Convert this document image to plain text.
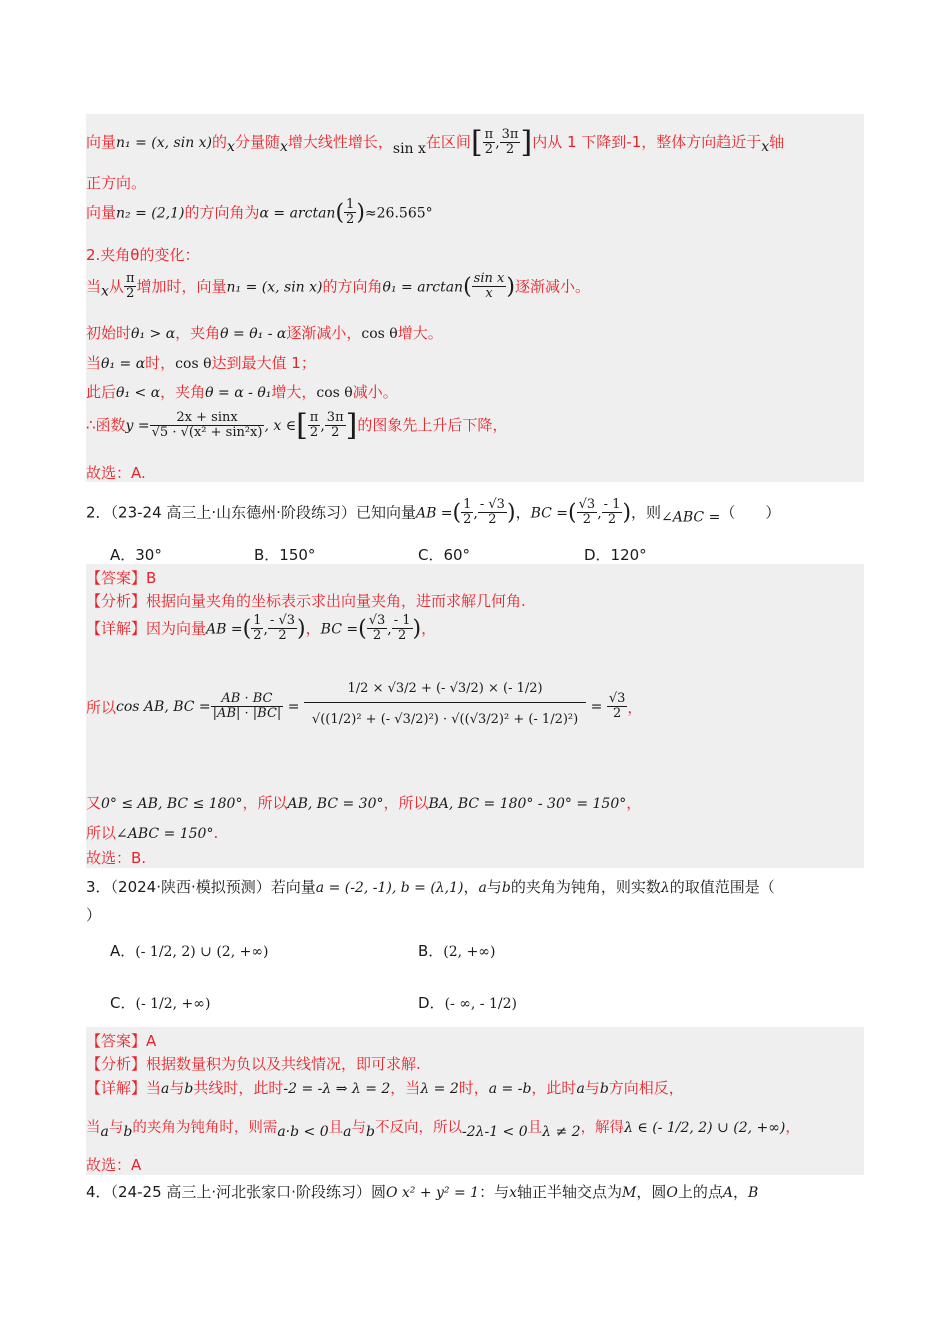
向量n₁ = (x, sin x)的$_x$分量随$_x$增大线性增长，sin x在区间[ $\frac{\pi}{2}$ , $\frac{3\pi}{2}$ ]内从 1 下降到-1，整体方向趋近于$_x$轴
正方向。
向量n₂ = (2,1)的方向角为$\alpha = \arctan( \frac{1}{2} )\approx 26.565^\circ$
2.夹角θ的变化：
当$_x$从 $\frac{\pi}{2}$ 增加时，向量n₁ = (x, sin x)的方向角$\theta_1 = \arctan( \frac{\text{sin x}}{x}$ )逐渐减小。
初始时θ₁ > α，夹角θ = θ₁ - α逐渐减小，cos θ增大。
当θ₁ = α时，cos θ达到最大值 1；
此后θ₁ < α，夹角θ = α - θ₁增大，cos θ减小。
∴函数$y = \frac{2x + \sin x}{\text{√5 · √(x² + sin²x)}}$ , x ∈[ $\frac{\pi}{2}$ , $\frac{3\pi}{2}$ ]的图象先上升后下降，
故选：A.
2．（23-24 高三上·山东德州·阶段练习）已知向量AB =( $\frac{1}{2}$ , $\frac{- √3}{2}$ )，BC =( $\frac{√3}{2}$ , $\frac{- 1}{2}$ )，则$_{\angle ABC =}$（　　）
A．30°	B．150°	C．60°	D．120°
【答案】B
【分析】根据向量夹角的坐标表示求出向量夹角，进而求解几何角.
【详解】因为向量AB =( $\frac{1}{2}$ , $\frac{- √3}{2}$ )，BC =( $\frac{√3}{2}$ , $\frac{- 1}{2}$ )，
所以cos AB, BC = $\frac{AB \cdot BC}{|AB| \cdot |BC|} = \frac{1/2 \times √3/2 + (- √3/2) \times (- 1/2)}{\text{√((1/2)² + (- √3/2)²) · √((√3/2)² + (- 1/2)²)}} = \frac{√3}{2}$ ，
又0° ≤ AB, BC ≤ 180°，所以AB, BC = 30°，所以BA, BC = 180° - 30° = 150°，
所以∠ABC = 150°.
故选：B.
3．（2024·陕西·模拟预测）若向量a = (-2, -1), b = (λ,1)，a与b的夹角为钝角，则实数λ的取值范围是（
）
A．(- 1/2, 2) ∪ (2, +∞)	B．(2, +∞)
C．(- 1/2, +∞)	D．(- ∞, - 1/2)
【答案】A
【分析】根据数量积为负以及共线情况，即可求解.
【详解】当a与b共线时，此时-2 = -λ ⇒ λ = 2，当λ = 2时，a = -b，此时a与b方向相反，
当$_a$与$_b$的夹角为钝角时，则需$_{a\cdot b < 0}$且$_a$与$_b$不反向，所以$_{-2\lambda-1 < 0}$且$_{\lambda \ne 2}$，解得λ ∈ (- 1/2, 2) ∪ (2, +∞)，
故选：A
4．（24-25 高三上·河北张家口·阶段练习）圆O x² + y² = 1：与x轴正半轴交点为M，圆O上的点A，B
